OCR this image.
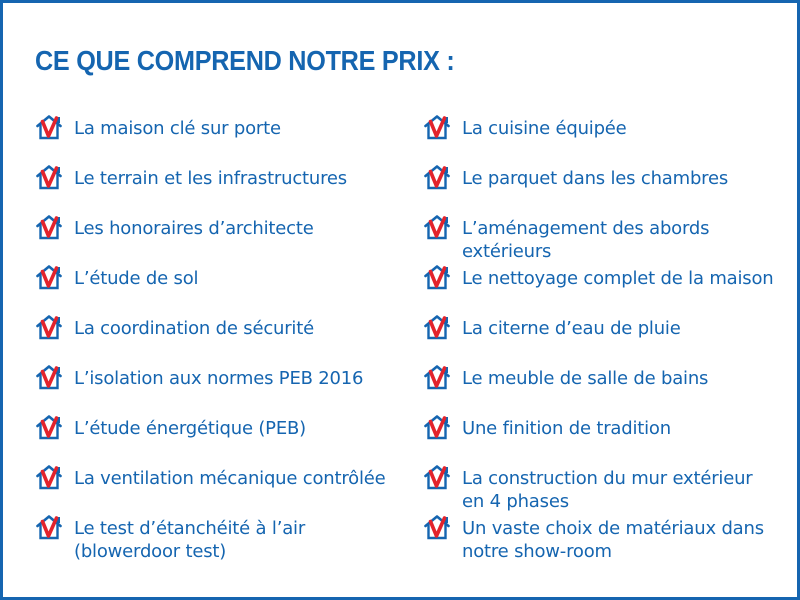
CE QUE COMPREND NOTRE PRIX :
La maison clé sur porte
Le terrain et les infrastructures
Les honoraires d’architecte
L’étude de sol
La coordination de sécurité
L’isolation aux normes PEB 2016
L’étude énergétique (PEB)
La ventilation mécanique contrôlée
Le test d’étanchéité à l’air
(blowerdoor test)
La cuisine équipée
Le parquet dans les chambres
L’aménagement des abords extérieurs
Le nettoyage complet de la maison
La citerne d’eau de pluie
Le meuble de salle de bains
Une finition de tradition
La construction du mur extérieur
en 4 phases
Un vaste choix de matériaux dans
notre show-room
